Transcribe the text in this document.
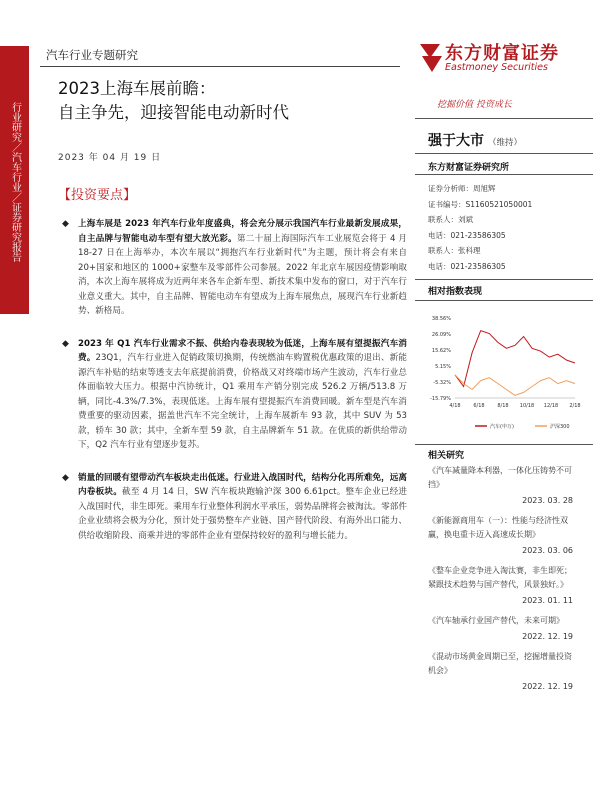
行业研究／汽车行业／证券研究报告
汽车行业专题研究
2023上海车展前瞻：
自主争先，迎接智能电动新时代
2023 年 04 月 19 日
【投资要点】
◆ 上海车展是 2023 年汽车行业年度盛典，将会充分展示我国汽车行业最新发展成果，自主品牌与智能电动车型有望大放光彩。第二十届上海国际汽车工业展览会将于 4 月 18-27 日在上海举办，本次车展以“拥抱汽车行业新时代”为主题，预计将会有来自 20+国家和地区的 1000+家整车及零部件公司参展。2022 年北京车展因疫情影响取消，本次上海车展将成为近两年来各车企新车型、新技术集中发布的窗口，对于汽车行业意义重大。其中，自主品牌、智能电动车有望成为上海车展焦点，展现汽车行业新趋势、新格局。
◆ 2023 年 Q1 汽车行业需求不振、供给内卷表现较为低迷，上海车展有望提振汽车消费。23Q1，汽车行业进入促销政策切换期，传统燃油车购置税优惠政策的退出、新能源汽车补贴的结束等透支去年底提前消费，价格战又对终端市场产生波动，汽车行业总体面临较大压力。根据中汽协统计，Q1 乘用车产销分别完成 526.2 万辆/513.8 万辆，同比-4.3%/7.3%，表现低迷。上海车展有望提振汽车消费回暖。新车型是汽车消费重要的驱动因素，据盖世汽车不完全统计，上海车展新车 93 款，其中 SUV 为 53 款，轿车 30 款；其中，全新车型 59 款，自主品牌新车 51 款。在优质的新供给带动下，Q2 汽车行业有望逐步复苏。
◆ 销量的回暖有望带动汽车板块走出低迷。行业进入战国时代，结构分化再所难免，远离内卷板块。截至 4 月 14 日，SW 汽车板块跑输沪深 300 6.61pct。整车企业已经进入战国时代，非生即死。乘用车行业整体利润水平承压，弱势品牌将会被淘汰。零部件企业业绩将会极为分化，预计处于强势整车产业链、国产替代阶段、有海外出口能力、供给收缩阶段、商乘并进的零部件企业有望保持较好的盈利与增长能力。
东方财富证券
Eastmoney Securities
挖掘价值 投资成长
强于大市 （维持）
东方财富证券研究所
证券分析师：周旭辉
证书编号：S1160521050001
联系人：刘斌
电话：021-23586305
联系人：张科理
电话：021-23586305
相对指数表现
38.56%
26.09%
15.62%
5.15%
-5.32%
-15.79%
4/18	6/18	8/18 10/18 12/18 2/18
汽车(申万)	沪深300
相关研究
《汽车减量降本利器，一体化压铸势不可挡》
2023. 03. 28
《新能源商用车（一）：性能与经济性双赢，换电重卡迈入高速成长期》
2023. 03. 06
《整车企业竞争进入淘汰赛，非生即死；紧跟技术趋势与国产替代，风景独好。》
2023. 01. 11
《汽车轴承行业国产替代，未来可期》
2022. 12. 19
《混动市场黄金周期已至，挖掘增量投资机会》
2022. 12. 19
